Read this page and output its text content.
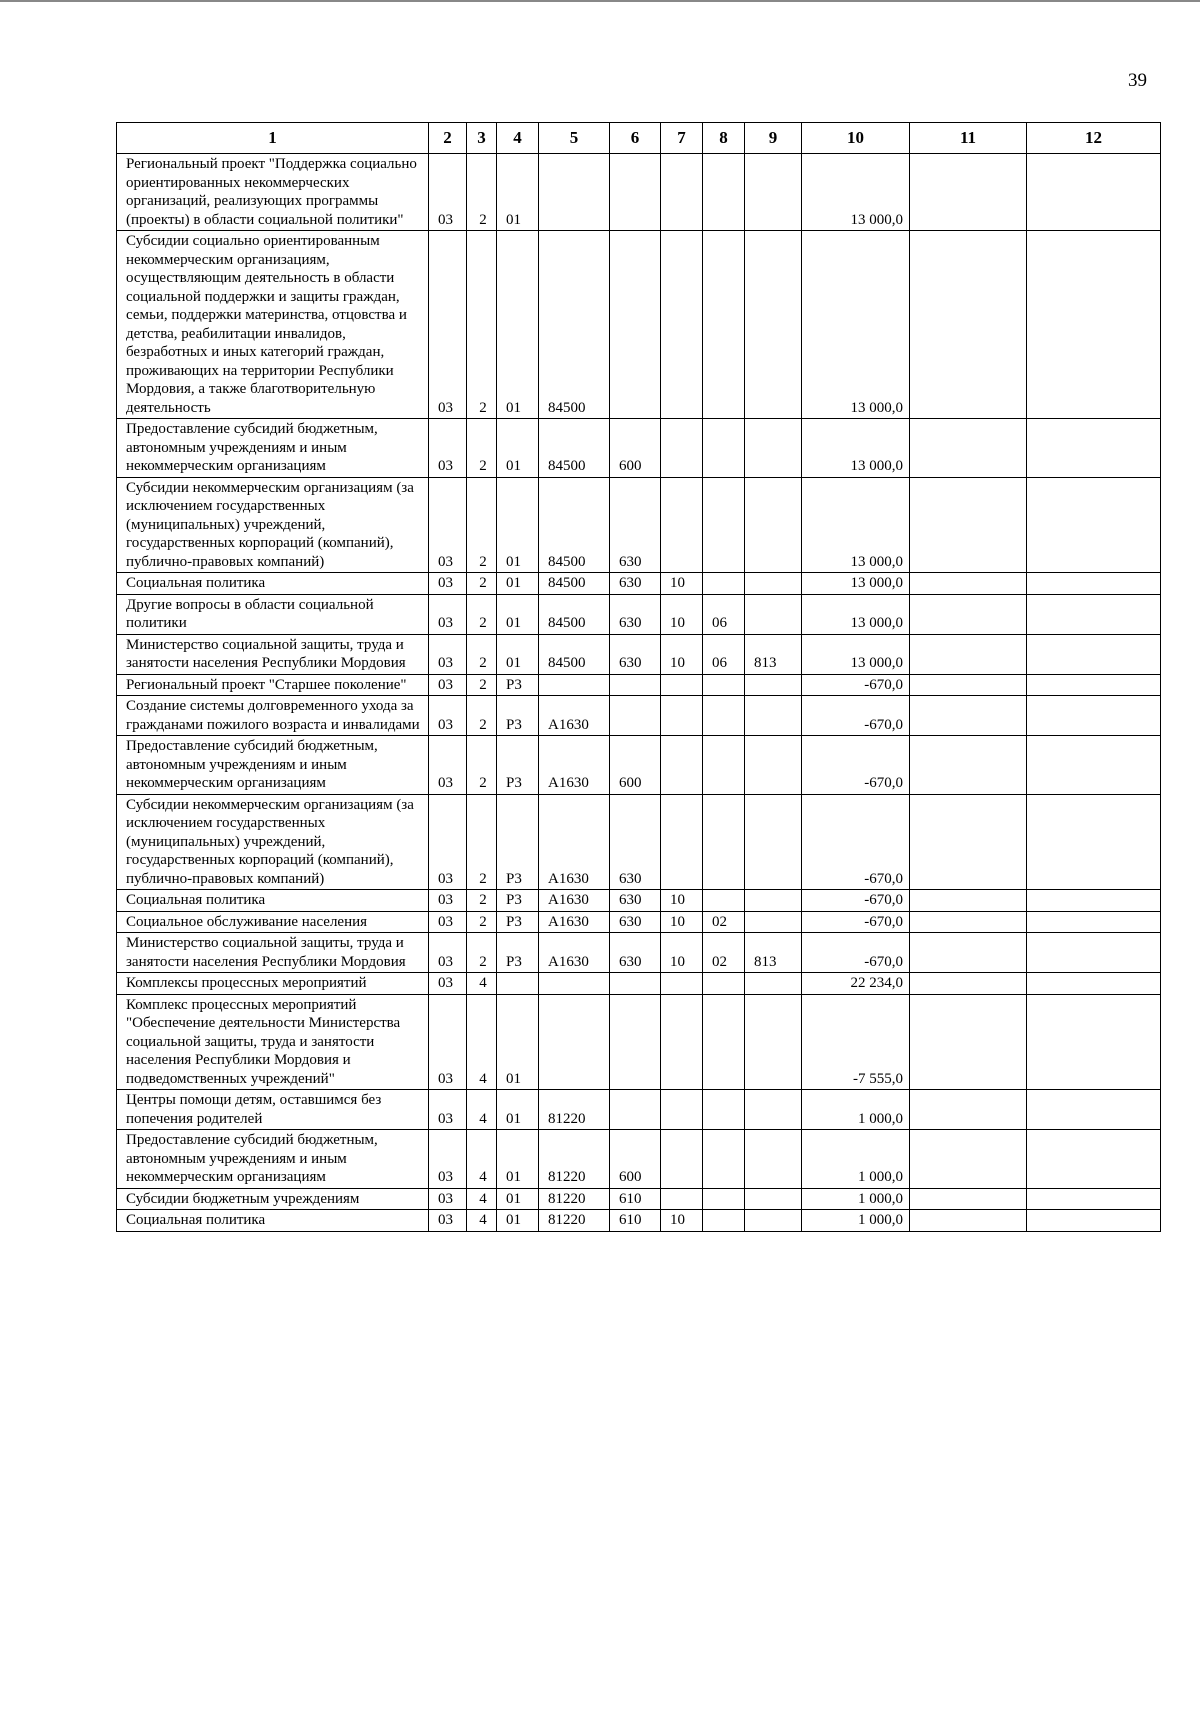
39
1	2	3	4	5	6	7	8	9	10	11	12
Региональный проект "Поддержка социально ориентированных некоммерческих организаций, реализующих программы (проекты) в области социальной политики"	03	2	01						13 000,0		
Субсидии социально ориентированным некоммерческим организациям, осуществляющим деятельность в области социальной поддержки и защиты граждан, семьи, поддержки материнства, отцовства и детства, реабилитации инвалидов, безработных и иных категорий граждан, проживающих на территории Республики Мордовия, а также благотворительную деятельность	03	2	01	84500					13 000,0		
Предоставление субсидий бюджетным, автономным учреждениям и иным некоммерческим организациям	03	2	01	84500	600				13 000,0		
Субсидии некоммерческим организациям (за исключением государственных (муниципальных) учреждений, государственных корпораций (компаний), публично-правовых компаний)	03	2	01	84500	630				13 000,0		
Социальная политика	03	2	01	84500	630	10			13 000,0		
Другие вопросы в области социальной политики	03	2	01	84500	630	10	06		13 000,0		
Министерство социальной защиты, труда и занятости населения Республики Мордовия	03	2	01	84500	630	10	06	813	13 000,0		
Региональный проект "Старшее поколение"	03	2	Р3						-670,0		
Создание системы долговременного ухода за гражданами пожилого возраста и инвалидами	03	2	Р3	А1630					-670,0		
Предоставление субсидий бюджетным, автономным учреждениям и иным некоммерческим организациям	03	2	Р3	А1630	600				-670,0		
Субсидии некоммерческим организациям (за исключением государственных (муниципальных) учреждений, государственных корпораций (компаний), публично-правовых компаний)	03	2	Р3	А1630	630				-670,0		
Социальная политика	03	2	Р3	А1630	630	10			-670,0		
Социальное обслуживание населения	03	2	Р3	А1630	630	10	02		-670,0		
Министерство социальной защиты, труда и занятости населения Республики Мордовия	03	2	Р3	А1630	630	10	02	813	-670,0		
Комплексы процессных мероприятий	03	4							22 234,0		
Комплекс процессных мероприятий "Обеспечение деятельности Министерства социальной защиты, труда и занятости населения Республики Мордовия и подведомственных учреждений"	03	4	01						-7 555,0		
Центры помощи детям, оставшимся без попечения родителей	03	4	01	81220					1 000,0		
Предоставление субсидий бюджетным, автономным учреждениям и иным некоммерческим организациям	03	4	01	81220	600				1 000,0		
Субсидии бюджетным учреждениям	03	4	01	81220	610				1 000,0		
Социальная политика	03	4	01	81220	610	10			1 000,0		
